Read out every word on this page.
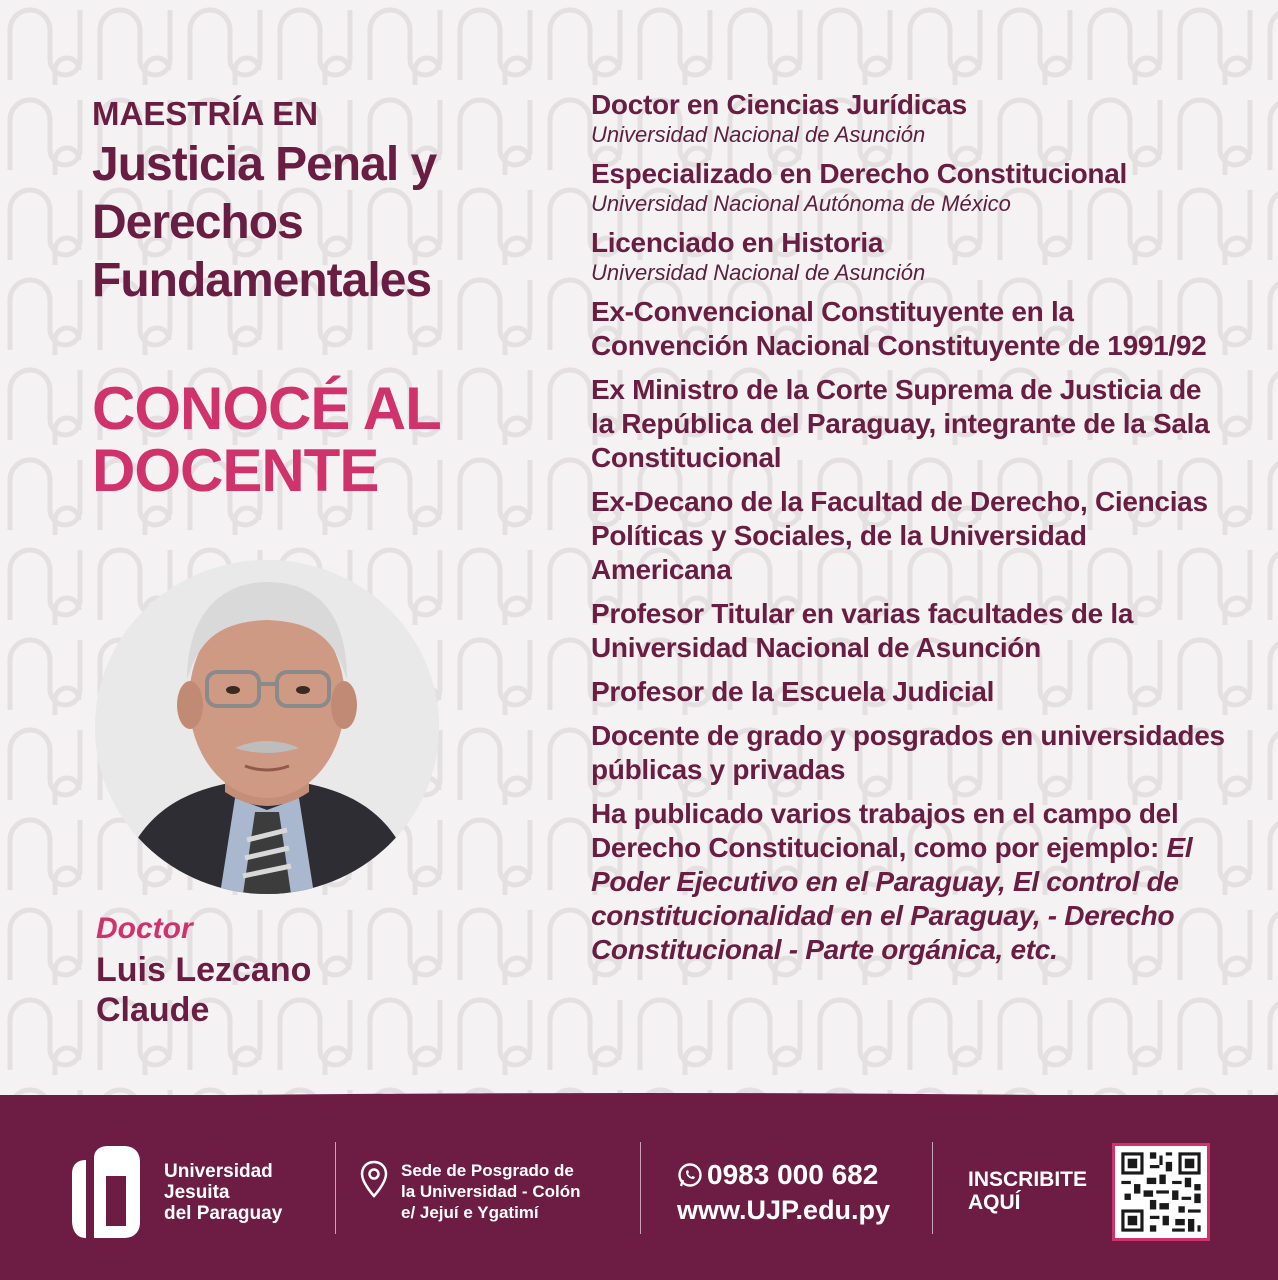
MAESTRÍA EN
Justicia Penal y
Derechos
Fundamentales
CONOCÉ AL
DOCENTE
Doctor
Luis Lezcano
Claude
Doctor en Ciencias Jurídicas
Universidad Nacional de Asunción
Especializado en Derecho Constitucional
Universidad Nacional Autónoma de México
Licenciado en Historia
Universidad Nacional de Asunción
Ex-Convencional Constituyente en la Convención Nacional Constituyente de 1991/92
Ex Ministro de la Corte Suprema de Justicia de la República del Paraguay, integrante de la Sala Constitucional
Ex-Decano de la Facultad de Derecho, Ciencias Políticas y Sociales, de la Universidad Americana
Profesor Titular en varias facultades de la Universidad Nacional de Asunción
Profesor de la Escuela Judicial
Docente de grado y posgrados en universidades públicas y privadas
Ha publicado varios trabajos en el campo del Derecho Constitucional, como por ejemplo: El Poder Ejecutivo en el Paraguay, El control de constitucionalidad en el Paraguay, - Derecho Constitucional - Parte orgánica, etc.
Universidad
Jesuita
del Paraguay
Sede de Posgrado de
la Universidad - Colón
e/ Jejuí e Ygatimí
0983 000 682
www.UJP.edu.py
INSCRIBITE
AQUÍ
